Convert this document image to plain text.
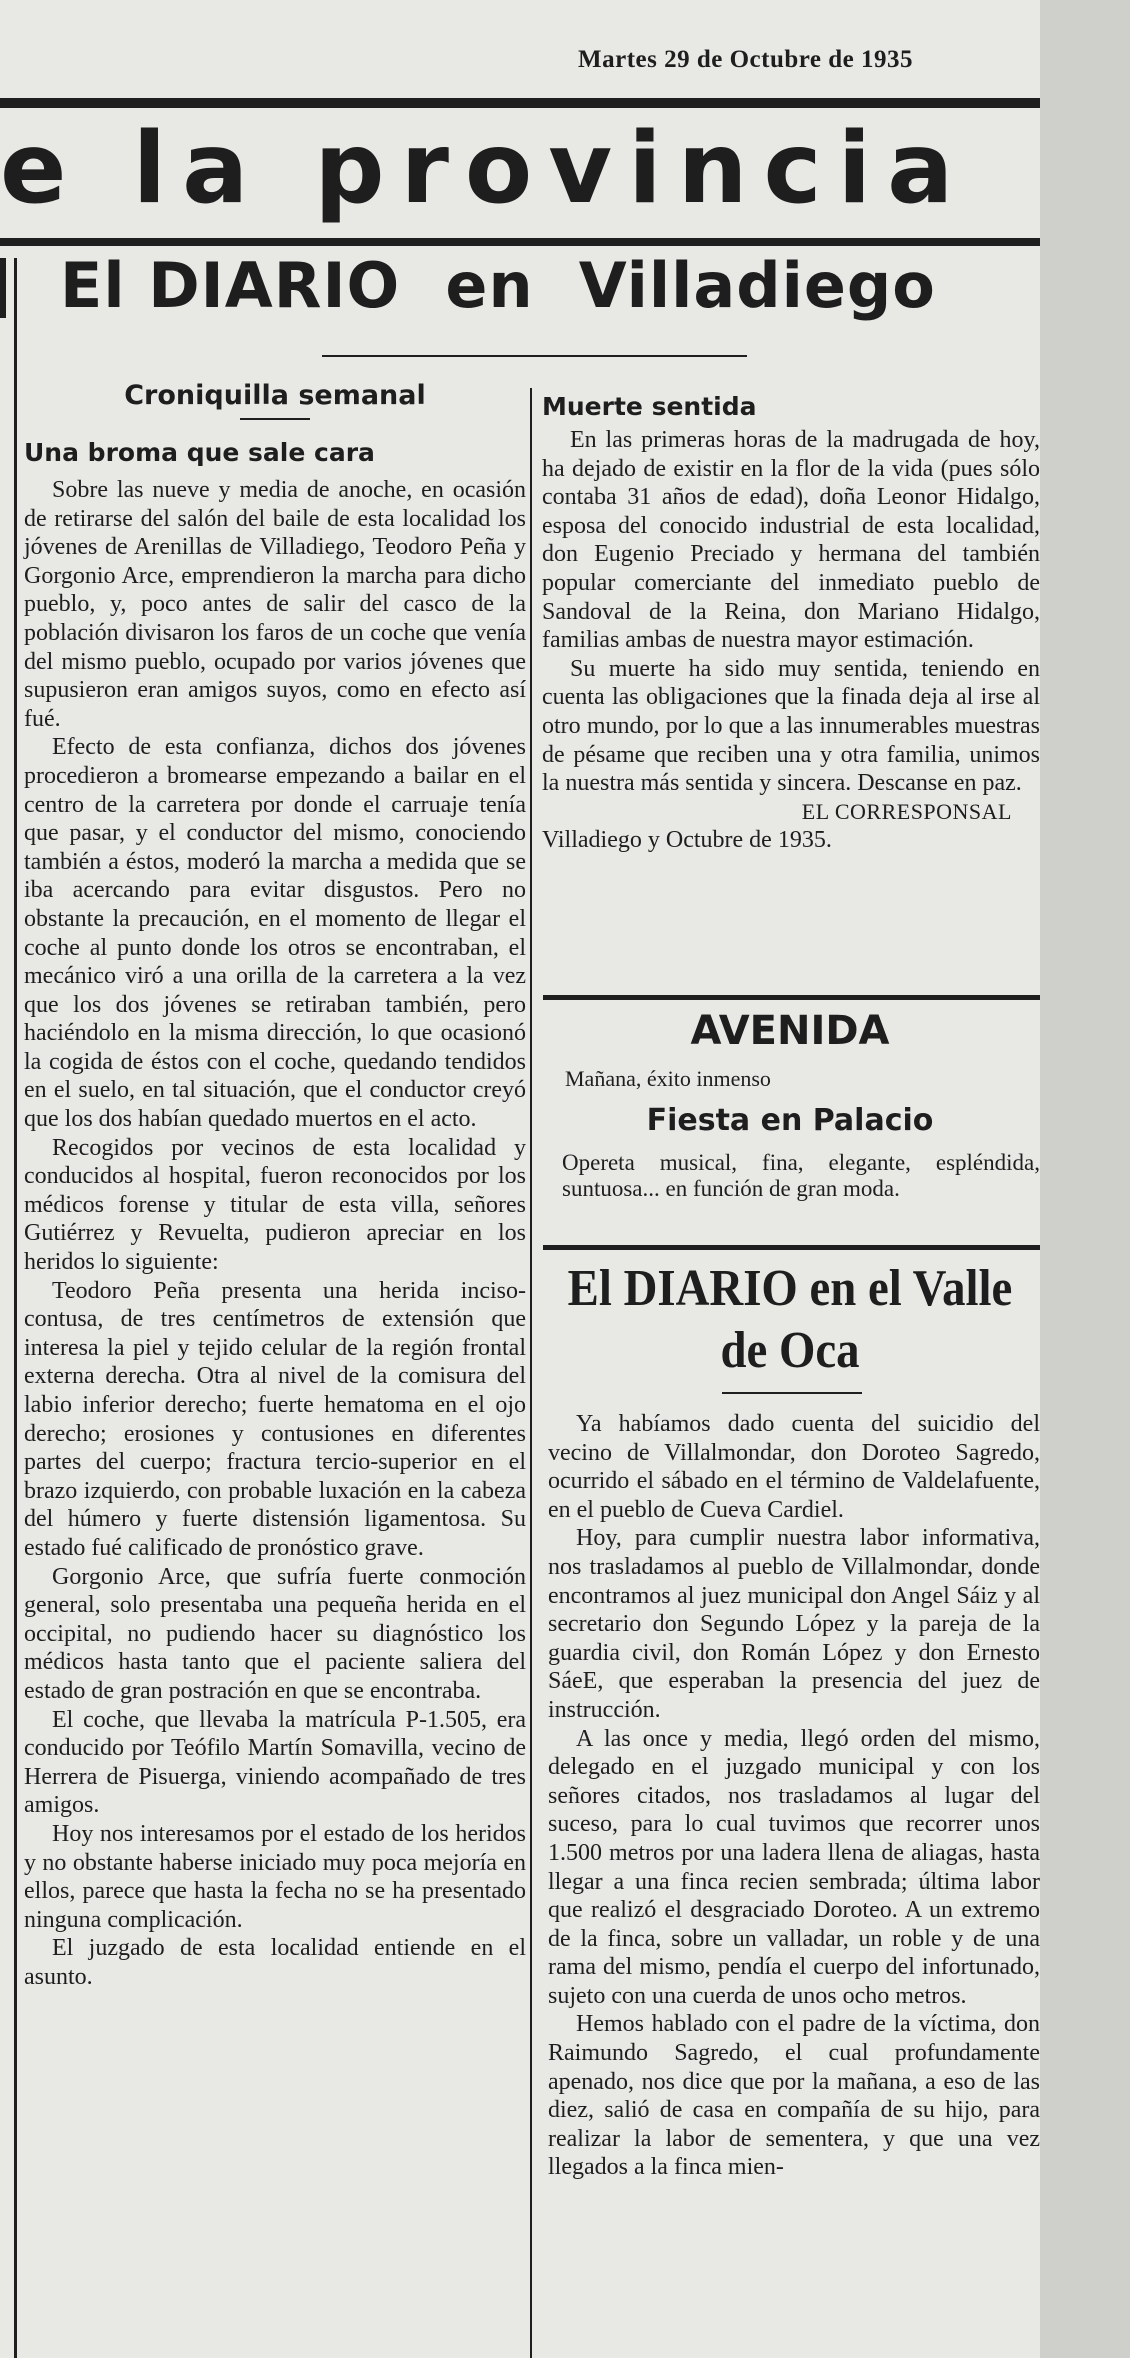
Martes 29 de Octubre de 1935
e la provincia
El DIARIO  en  Villadiego
Croniquilla semanal
Una broma que sale cara

Sobre las nueve y media de anoche, en ocasión de retirarse del salón del baile de esta localidad los jóvenes de Arenillas de Villadiego, Teodoro Peña y Gorgonio Arce, emprendieron la marcha para dicho pueblo, y, poco antes de salir del casco de la población divisaron los faros de un coche que venía del mismo pueblo, ocupado por varios jóvenes que supusieron eran amigos suyos, como en efecto así fué.

Efecto de esta confianza, dichos dos jóvenes procedieron a bromearse empezando a bailar en el centro de la carretera por donde el carruaje tenía que pasar, y el conductor del mismo, conociendo también a éstos, moderó la marcha a medida que se iba acercando para evitar disgustos. Pero no obstante la precaución, en el momento de llegar el coche al punto donde los otros se encontraban, el mecánico viró a una orilla de la carretera a la vez que los dos jóvenes se retiraban también, pero haciéndolo en la misma dirección, lo que ocasionó la cogida de éstos con el coche, quedando tendidos en el suelo, en tal situación, que el conductor creyó que los dos habían quedado muertos en el acto.

Recogidos por vecinos de esta localidad y conducidos al hospital, fueron reconocidos por los médicos forense y titular de esta villa, señores Gutiérrez y Revuelta, pudieron apreciar en los heridos lo siguiente:

Teodoro Peña presenta una herida inciso-contusa, de tres centímetros de extensión que interesa la piel y tejido celular de la región frontal externa derecha. Otra al nivel de la comisura del labio inferior derecho; fuerte hematoma en el ojo derecho; erosiones y contusiones en diferentes partes del cuerpo; fractura tercio-superior en el brazo izquierdo, con probable luxación en la cabeza del húmero y fuerte distensión ligamentosa. Su estado fué calificado de pronóstico grave.

Gorgonio Arce, que sufría fuerte conmoción general, solo presentaba una pequeña herida en el occipital, no pudiendo hacer su diagnóstico los médicos hasta tanto que el paciente saliera del estado de gran postración en que se encontraba.

El coche, que llevaba la matrícula P-1.505, era conducido por Teófilo Martín Somavilla, vecino de Herrera de Pisuerga, viniendo acompañado de tres amigos.

Hoy nos interesamos por el estado de los heridos y no obstante haberse iniciado muy poca mejoría en ellos, parece que hasta la fecha no se ha presentado ninguna complicación.

El juzgado de esta localidad entiende en el asunto.

Muerte sentida

En las primeras horas de la madrugada de hoy, ha dejado de existir en la flor de la vida (pues sólo contaba 31 años de edad), doña Leonor Hidalgo, esposa del conocido industrial de esta localidad, don Eugenio Preciado y hermana del también popular comerciante del inmediato pueblo de Sandoval de la Reina, don Mariano Hidalgo, familias ambas de nuestra mayor estimación.

Su muerte ha sido muy sentida, teniendo en cuenta las obligaciones que la finada deja al irse al otro mundo, por lo que a las innumerables muestras de pésame que reciben una y otra familia, unimos la nuestra más sentida y sincera. Descanse en paz.

EL CORRESPONSAL
Villadiego y Octubre de 1935.
AVENIDA
Mañana, éxito inmenso
Fiesta en Palacio
Opereta musical, fina, elegante, espléndida, suntuosa... en función de gran moda.
El DIARIO en el Valle de Oca

Ya habíamos dado cuenta del suicidio del vecino de Villalmondar, don Doroteo Sagredo, ocurrido el sábado en el término de Valdelafuente, en el pueblo de Cueva Cardiel.

Hoy, para cumplir nuestra labor informativa, nos trasladamos al pueblo de Villalmondar, donde encontramos al juez municipal don Angel Sáiz y al secretario don Segundo López y la pareja de la guardia civil, don Román López y don Ernesto SáeE, que esperaban la presencia del juez de instrucción.

A las once y media, llegó orden del mismo, delegado en el juzgado municipal y con los señores citados, nos trasladamos al lugar del suceso, para lo cual tuvimos que recorrer unos 1.500 metros por una ladera llena de aliagas, hasta llegar a una finca recien sembrada; última labor que realizó el desgraciado Doroteo. A un extremo de la finca, sobre un valladar, un roble y de una rama del mismo, pendía el cuerpo del infortunado, sujeto con una cuerda de unos ocho metros.

Hemos hablado con el padre de la víctima, don Raimundo Sagredo, el cual profundamente apenado, nos dice que por la mañana, a eso de las diez, salió de casa en compañía de su hijo, para realizar la labor de sementera, y que una vez llegados a la finca mien-
